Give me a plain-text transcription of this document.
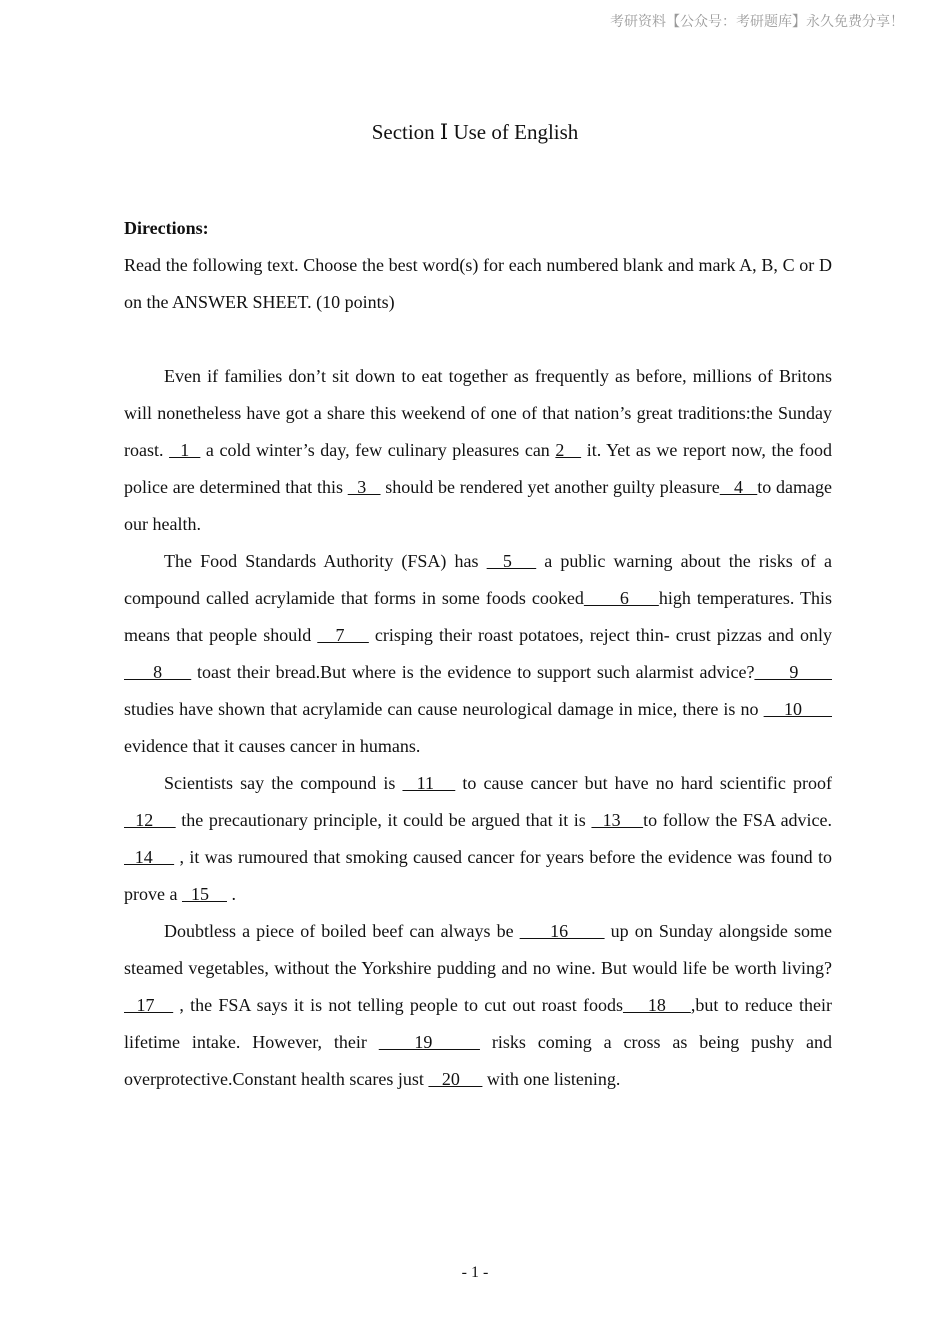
考研资料【公众号：考研题库】永久免费分享！
Section Ⅰ Use of English

Directions:

Read the following text. Choose the best word(s) for each numbered blank and mark A, B, C or D on the ANSWER SHEET. (10 points)

Even if families don’t sit down to eat together as frequently as before, millions of Britons will nonetheless have got a share this weekend of one of that nation’s great traditions:the Sunday roast.   1   a cold winter’s day, few culinary pleasures can 2    it. Yet as we report now, the food police are determined that this   3    should be rendered yet another guilty pleasure   4   to damage our health.

The Food Standards Authority (FSA) has   5    a public warning about the risks of a compound called acrylamide that forms in some foods cooked      6     high temperatures. This means that people should    7     crisping their roast potatoes, reject thin- crust pizzas and only      8      toast their bread.But where is the evidence to support such alarmist advice?      9       studies have shown that acrylamide can cause neurological damage in mice, there is no     10       evidence that it causes cancer in humans.

Scientists say the compound is   11    to cause cancer but have no hard scientific proof   12     the precautionary principle, it could be argued that it is   13    to follow the FSA advice.   14     , it was rumoured that smoking caused cancer for years before the evidence was found to prove a   15     .

Doubtless a piece of boiled beef can always be      16       up on Sunday alongside some steamed vegetables, without the Yorkshire pudding and no wine. But would life be worth living?   17    , the FSA says it is not telling people to cut out roast foods    18    ,but to reduce their lifetime intake. However, their    19     risks coming a cross as being pushy and overprotective.Constant health scares just    20      with one listening.

- 1 -
